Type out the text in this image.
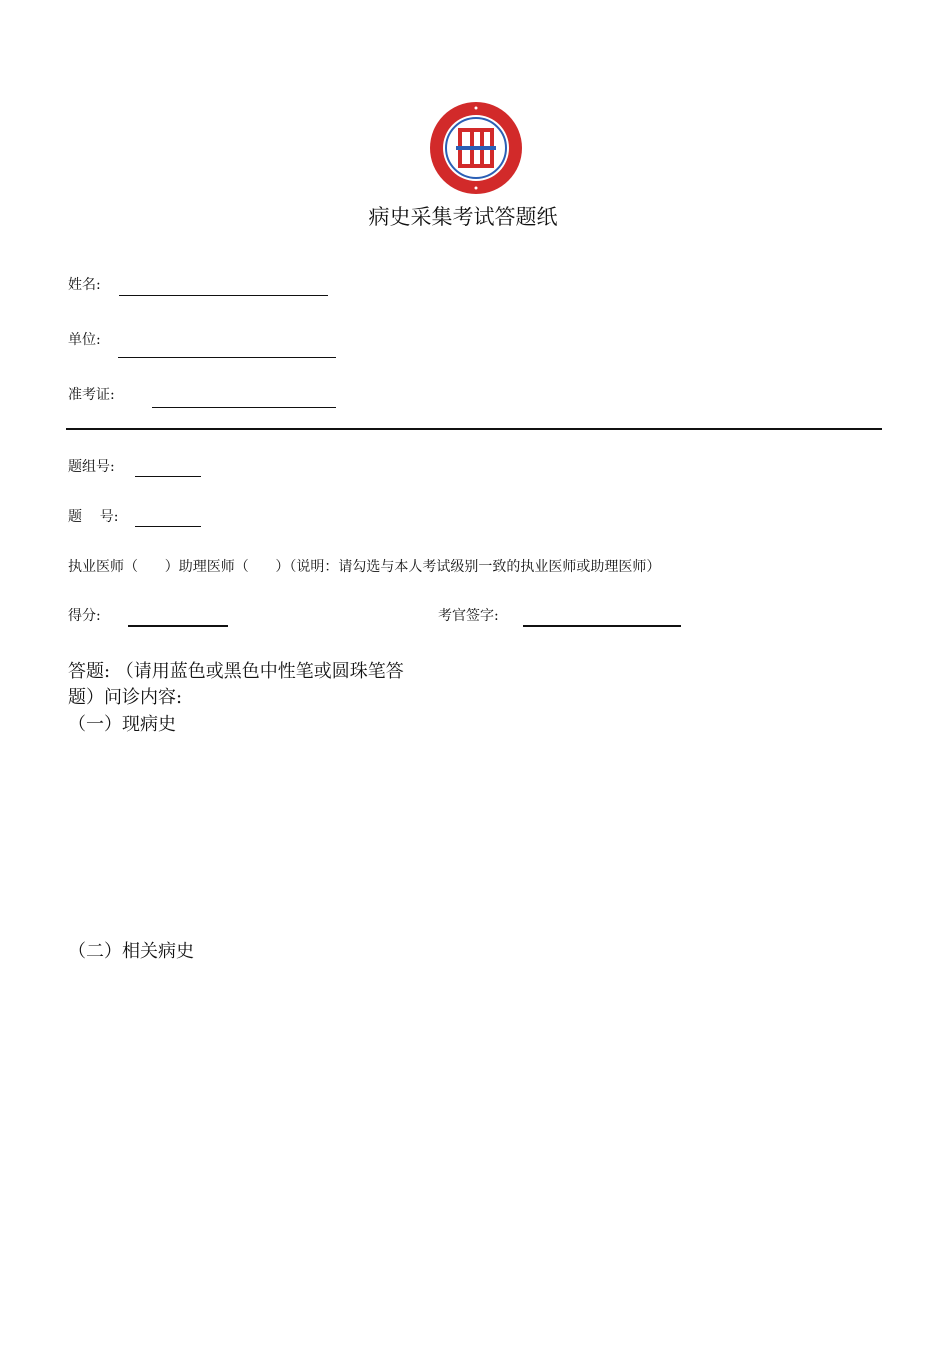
病史采集考试答题纸
姓名:
单位:
准考证:
题组号:
题    号:
执业医师（      ）助理医师（      ）（说明：请勾选与本人考试级别一致的执业医师或助理医师）
得分:	考官签字:
答题: （请用蓝色或黑色中性笔或圆珠笔答
题）问诊内容:
（一）现病史
（二）相关病史
